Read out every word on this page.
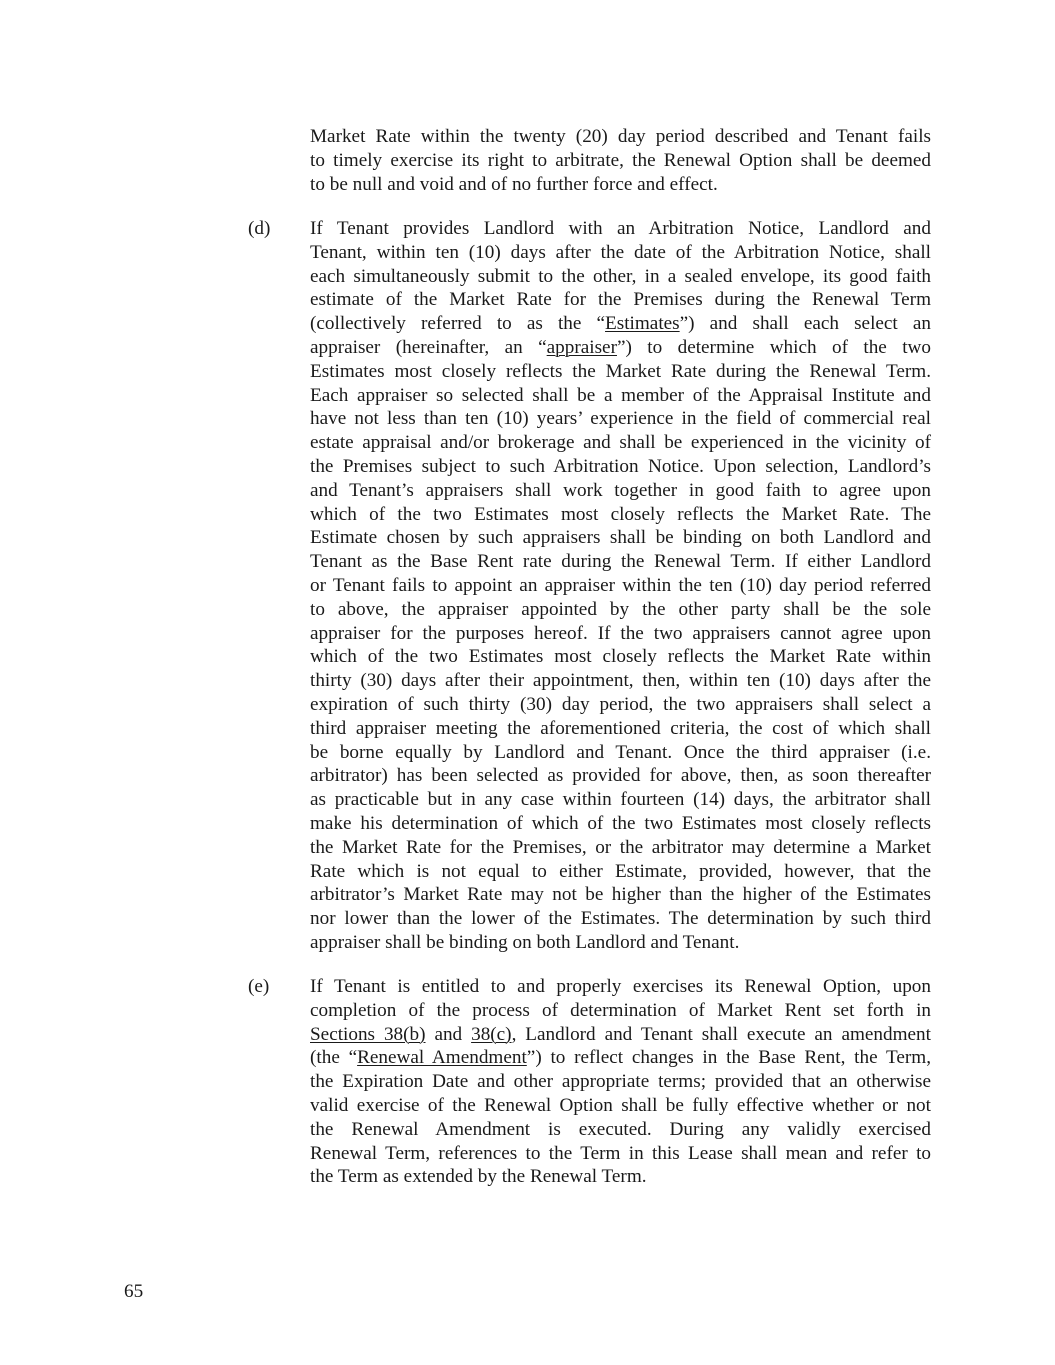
Market Rate within the twenty (20) day period described and Tenant fails
to timely exercise its right to arbitrate, the Renewal Option shall be deemed
to be null and void and of no further force and effect.
(d) If Tenant provides Landlord with an Arbitration Notice, Landlord and
Tenant, within ten (10) days after the date of the Arbitration Notice, shall
each simultaneously submit to the other, in a sealed envelope, its good faith
estimate of the Market Rate for the Premises during the Renewal Term
(collectively referred to as the “Estimates”) and shall each select an
appraiser (hereinafter, an “appraiser”) to determine which of the two
Estimates most closely reflects the Market Rate during the Renewal Term.
Each appraiser so selected shall be a member of the Appraisal Institute and
have not less than ten (10) years’ experience in the field of commercial real
estate appraisal and/or brokerage and shall be experienced in the vicinity of
the Premises subject to such Arbitration Notice. Upon selection, Landlord’s
and Tenant’s appraisers shall work together in good faith to agree upon
which of the two Estimates most closely reflects the Market Rate. The
Estimate chosen by such appraisers shall be binding on both Landlord and
Tenant as the Base Rent rate during the Renewal Term. If either Landlord
or Tenant fails to appoint an appraiser within the ten (10) day period referred
to above, the appraiser appointed by the other party shall be the sole
appraiser for the purposes hereof. If the two appraisers cannot agree upon
which of the two Estimates most closely reflects the Market Rate within
thirty (30) days after their appointment, then, within ten (10) days after the
expiration of such thirty (30) day period, the two appraisers shall select a
third appraiser meeting the aforementioned criteria, the cost of which shall
be borne equally by Landlord and Tenant. Once the third appraiser (i.e.
arbitrator) has been selected as provided for above, then, as soon thereafter
as practicable but in any case within fourteen (14) days, the arbitrator shall
make his determination of which of the two Estimates most closely reflects
the Market Rate for the Premises, or the arbitrator may determine a Market
Rate which is not equal to either Estimate, provided, however, that the
arbitrator’s Market Rate may not be higher than the higher of the Estimates
nor lower than the lower of the Estimates. The determination by such third
appraiser shall be binding on both Landlord and Tenant.
(e) If Tenant is entitled to and properly exercises its Renewal Option, upon
completion of the process of determination of Market Rent set forth in
Sections 38(b) and 38(c), Landlord and Tenant shall execute an amendment
(the “Renewal Amendment”) to reflect changes in the Base Rent, the Term,
the Expiration Date and other appropriate terms; provided that an otherwise
valid exercise of the Renewal Option shall be fully effective whether or not
the Renewal Amendment is executed. During any validly exercised
Renewal Term, references to the Term in this Lease shall mean and refer to
the Term as extended by the Renewal Term.
65
